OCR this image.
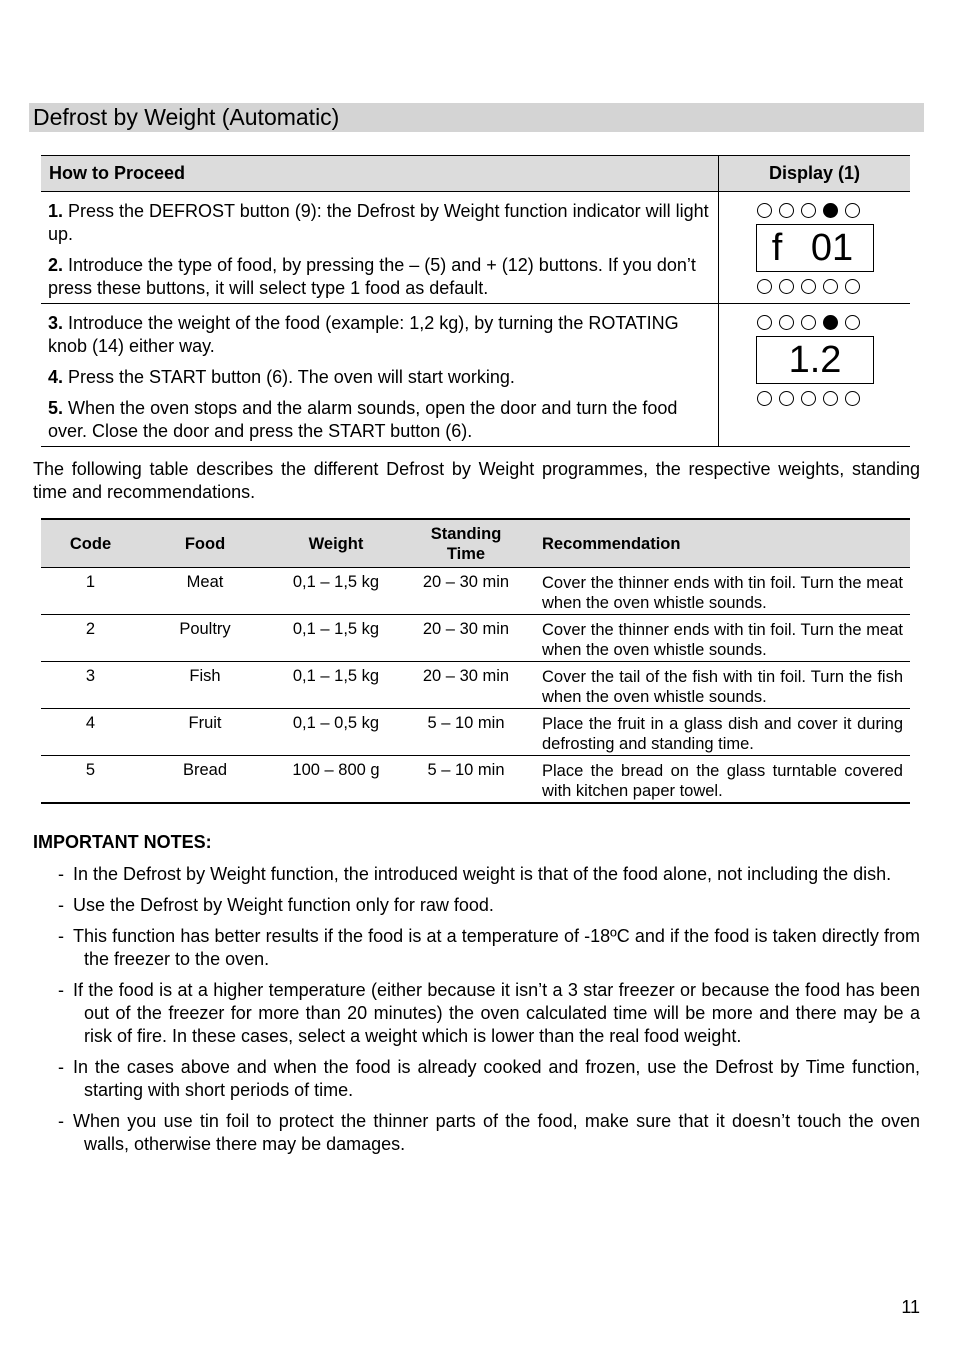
Defrost by Weight (Automatic)
How to Proceed	Display (1)

1. Press the DEFROST button (9): the Defrost by Weight function indicator will light up.

2. Introduce the type of food, by pressing the – (5) and + (12) buttons. If you don’t press these buttons, it will select type 1 food as default.	f 01

3. Introduce the weight of the food (example: 1,2 kg), by turning the ROTATING knob (14) either way.

4. Press the START button (6). The oven will start working.

5. When the oven stops and the alarm sounds, open the door and turn the food over. Close the door and press the START button (6).	1.2
The following table describes the different Defrost by Weight programmes, the respective weights, standing time and recommendations.
Code	Food	Weight	Standing Time	Recommendation
1	Meat	0,1 – 1,5 kg	20 – 30 min	Cover the thinner ends with tin foil. Turn the meat when the oven whistle sounds.
2	Poultry	0,1 – 1,5 kg	20 – 30 min	Cover the thinner ends with tin foil. Turn the meat when the oven whistle sounds.
3	Fish	0,1 – 1,5 kg	20 – 30 min	Cover the tail of the fish with tin foil. Turn the fish when the oven whistle sounds.
4	Fruit	0,1 – 0,5 kg	5 – 10 min	Place the fruit in a glass dish and cover it during defrosting and standing time.
5	Bread	100 – 800 g	5 – 10 min	Place the bread on the glass turntable covered with kitchen paper towel.
IMPORTANT NOTES:
- In the Defrost by Weight function, the introduced weight is that of the food alone, not including the dish.
- Use the Defrost by Weight function only for raw food.
- This function has better results if the food is at a temperature of -18ºC and if the food is taken directly from the freezer to the oven.
- If the food is at a higher temperature (either because it isn’t a 3 star freezer or because the food has been out of the freezer for more than 20 minutes) the oven calculated time will be more and there may be a risk of fire. In these cases, select a weight which is lower than the real food weight.
- In the cases above and when the food is already cooked and frozen, use the Defrost by Time function, starting with short periods of time.
- When you use tin foil to protect the thinner parts of the food, make sure that it doesn’t touch the oven walls, otherwise there may be damages.
11
